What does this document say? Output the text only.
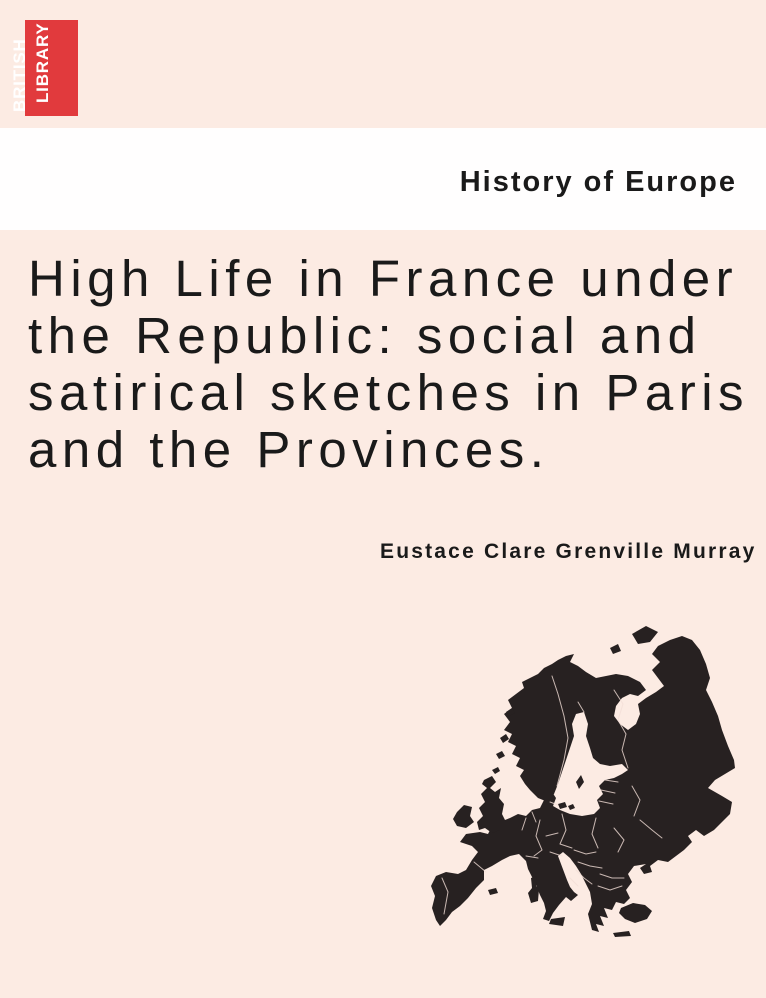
BRITISH LIBRARY
History of Europe
High Life in France under
the Republic: social and
satirical sketches in Paris
and the Provinces.
Eustace Clare Grenville Murray
